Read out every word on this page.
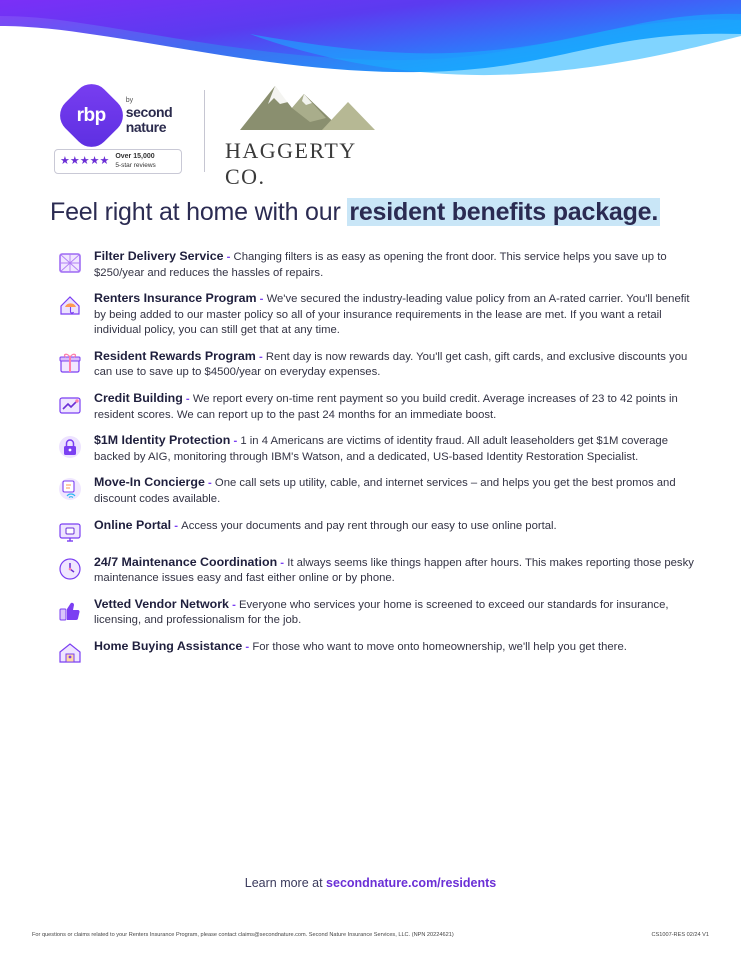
rbp
by
second
nature
★★★★★ Over 15,000
5-star reviews
HAGGERTY CO.
Feel right at home with our resident benefits package.
Filter Delivery Service - Changing filters is as easy as opening the front door. This service helps you save up to $250/year and reduces the hassles of repairs.
Renters Insurance Program - We've secured the industry-leading value policy from an A-rated carrier. You'll benefit by being added to our master policy so all of your insurance requirements in the lease are met. If you want a retail individual policy, you can still get that at any time.
Resident Rewards Program - Rent day is now rewards day. You'll get cash, gift cards, and exclusive discounts you can use to save up to $4500/year on everyday expenses.
Credit Building - We report every on-time rent payment so you build credit. Average increases of 23 to 42 points in resident scores. We can report up to the past 24 months for an immediate boost.
$1M Identity Protection - 1 in 4 Americans are victims of identity fraud. All adult leaseholders get $1M coverage backed by AIG, monitoring through IBM's Watson, and a dedicated, US-based Identity Restoration Specialist.
Move-In Concierge - One call sets up utility, cable, and internet services – and helps you get the best promos and discount codes available.
Online Portal - Access your documents and pay rent through our easy to use online portal.
24/7 Maintenance Coordination - It always seems like things happen after hours. This makes reporting those pesky maintenance issues easy and fast either online or by phone.
Vetted Vendor Network - Everyone who services your home is screened to exceed our standards for insurance, licensing, and professionalism for the job.
Home Buying Assistance - For those who want to move onto homeownership, we'll help you get there.
Learn more at secondnature.com/residents
For questions or claims related to your Renters Insurance Program, please contact claims@secondnature.com. Second Nature Insurance Services, LLC. (NPN 20224621)	CS1007-RES 02/24 V1
